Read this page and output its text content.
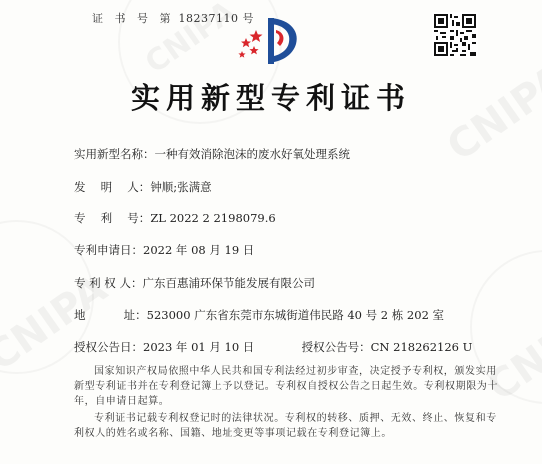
证 书 号 第 18237110 号
实用新型专利证书
实用新型名称：一种有效消除泡沫的废水好氧处理系统
发　 明　 人：钟顺;张满意
专　 利　 号：ZL 2022 2 2198079.6
专利申请日：2022 年 08 月 19 日
专 利 权 人：广东百惠浦环保节能发展有限公司
地　　　 址：523000 广东省东莞市东城街道伟民路 40 号 2 栋 202 室
授权公告日：2023 年 01 月 10 日	授权公告号：CN 218262126 U
国家知识产权局依照中华人民共和国专利法经过初步审查，决定授予专利权，颁发实用新型专利证书并在专利登记簿上予以登记。专利权自授权公告之日起生效。专利权期限为十年，自申请日起算。
专利证书记载专利权登记时的法律状况。专利权的转移、质押、无效、终止、恢复和专利权人的姓名或名称、国籍、地址变更等事项记载在专利登记簿上。
